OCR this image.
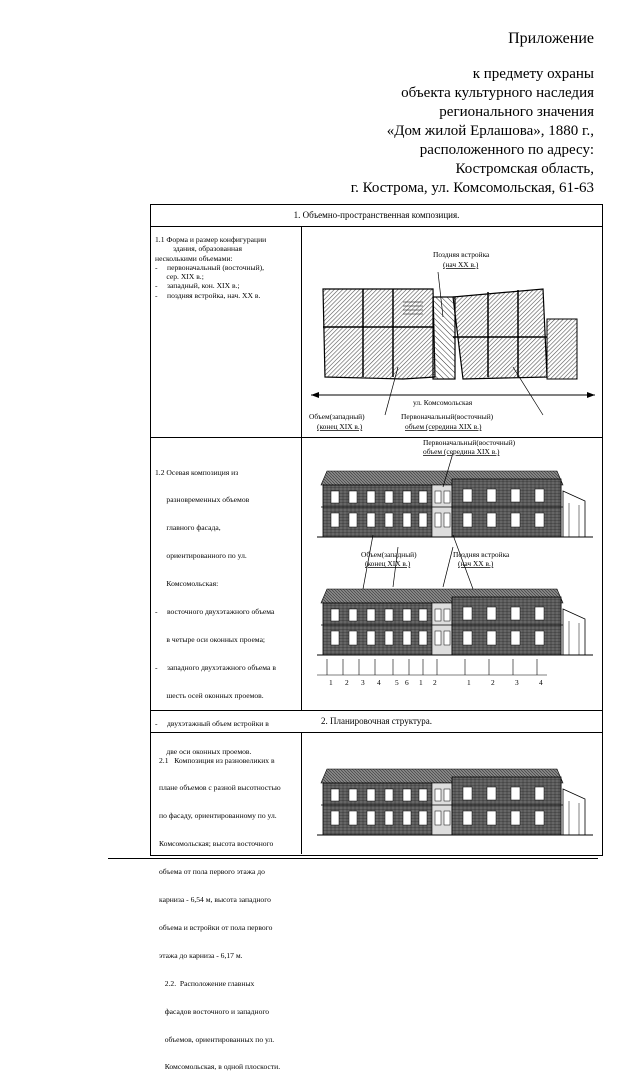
Приложение
к предмету охраны
объекта культурного наследия
регионального значения
«Дом жилой Ерлашова», 1880 г.,
расположенного по адресу:
Костромская область,
г. Кострома, ул. Комсомольская, 61-63
1. Объемно-пространственная композиция.
1.1 Форма и размер конфигурации
здания, образованная
несколькими объемами:
-     первоначальный (восточный),
сер. XIX в.;
-     западный, кон. XIX в.;
-     поздняя встройка, нач. XX в.
Поздняя встройка
(нач XX в.)
ул. Комсомольская
Объем(западный)
(конец XIX в.)
Первоначальный(восточный)
объем (середина XIX в.)

1.2 Осевая композиция из

разновременных объемов

главного фасада,

ориентированного по ул.

Комсомольская:

-     восточного двухэтажного объема

в четыре оси оконных проема;

-     западного двухэтажного объема в

шесть осей оконных проемов.

-     двухэтажный объем встройки в

две оси оконных проемов.

Первоначальный(восточный)
объем (середина XIX в.)
Объем(западный)
(конец XIX в.)
Поздняя встройка
(нач XX в.)
1 2 3 4 5 6 1 2	1	2	3	4
2. Планировочная структура.

2.1   Композиция из разновеликих в

плане объемов с разной высотностью

по фасаду, ориентированному по ул.

Комсомольская; высота восточного

объема от пола первого этажа до

карниза - 6,54 м, высота западного

объема и встройки от пола первого

этажа до карниза - 6,17 м.

2.2.  Расположение главных

фасадов восточного и западного

объемов, ориентированных по ул.

Комсомольская, в одной плоскости.
